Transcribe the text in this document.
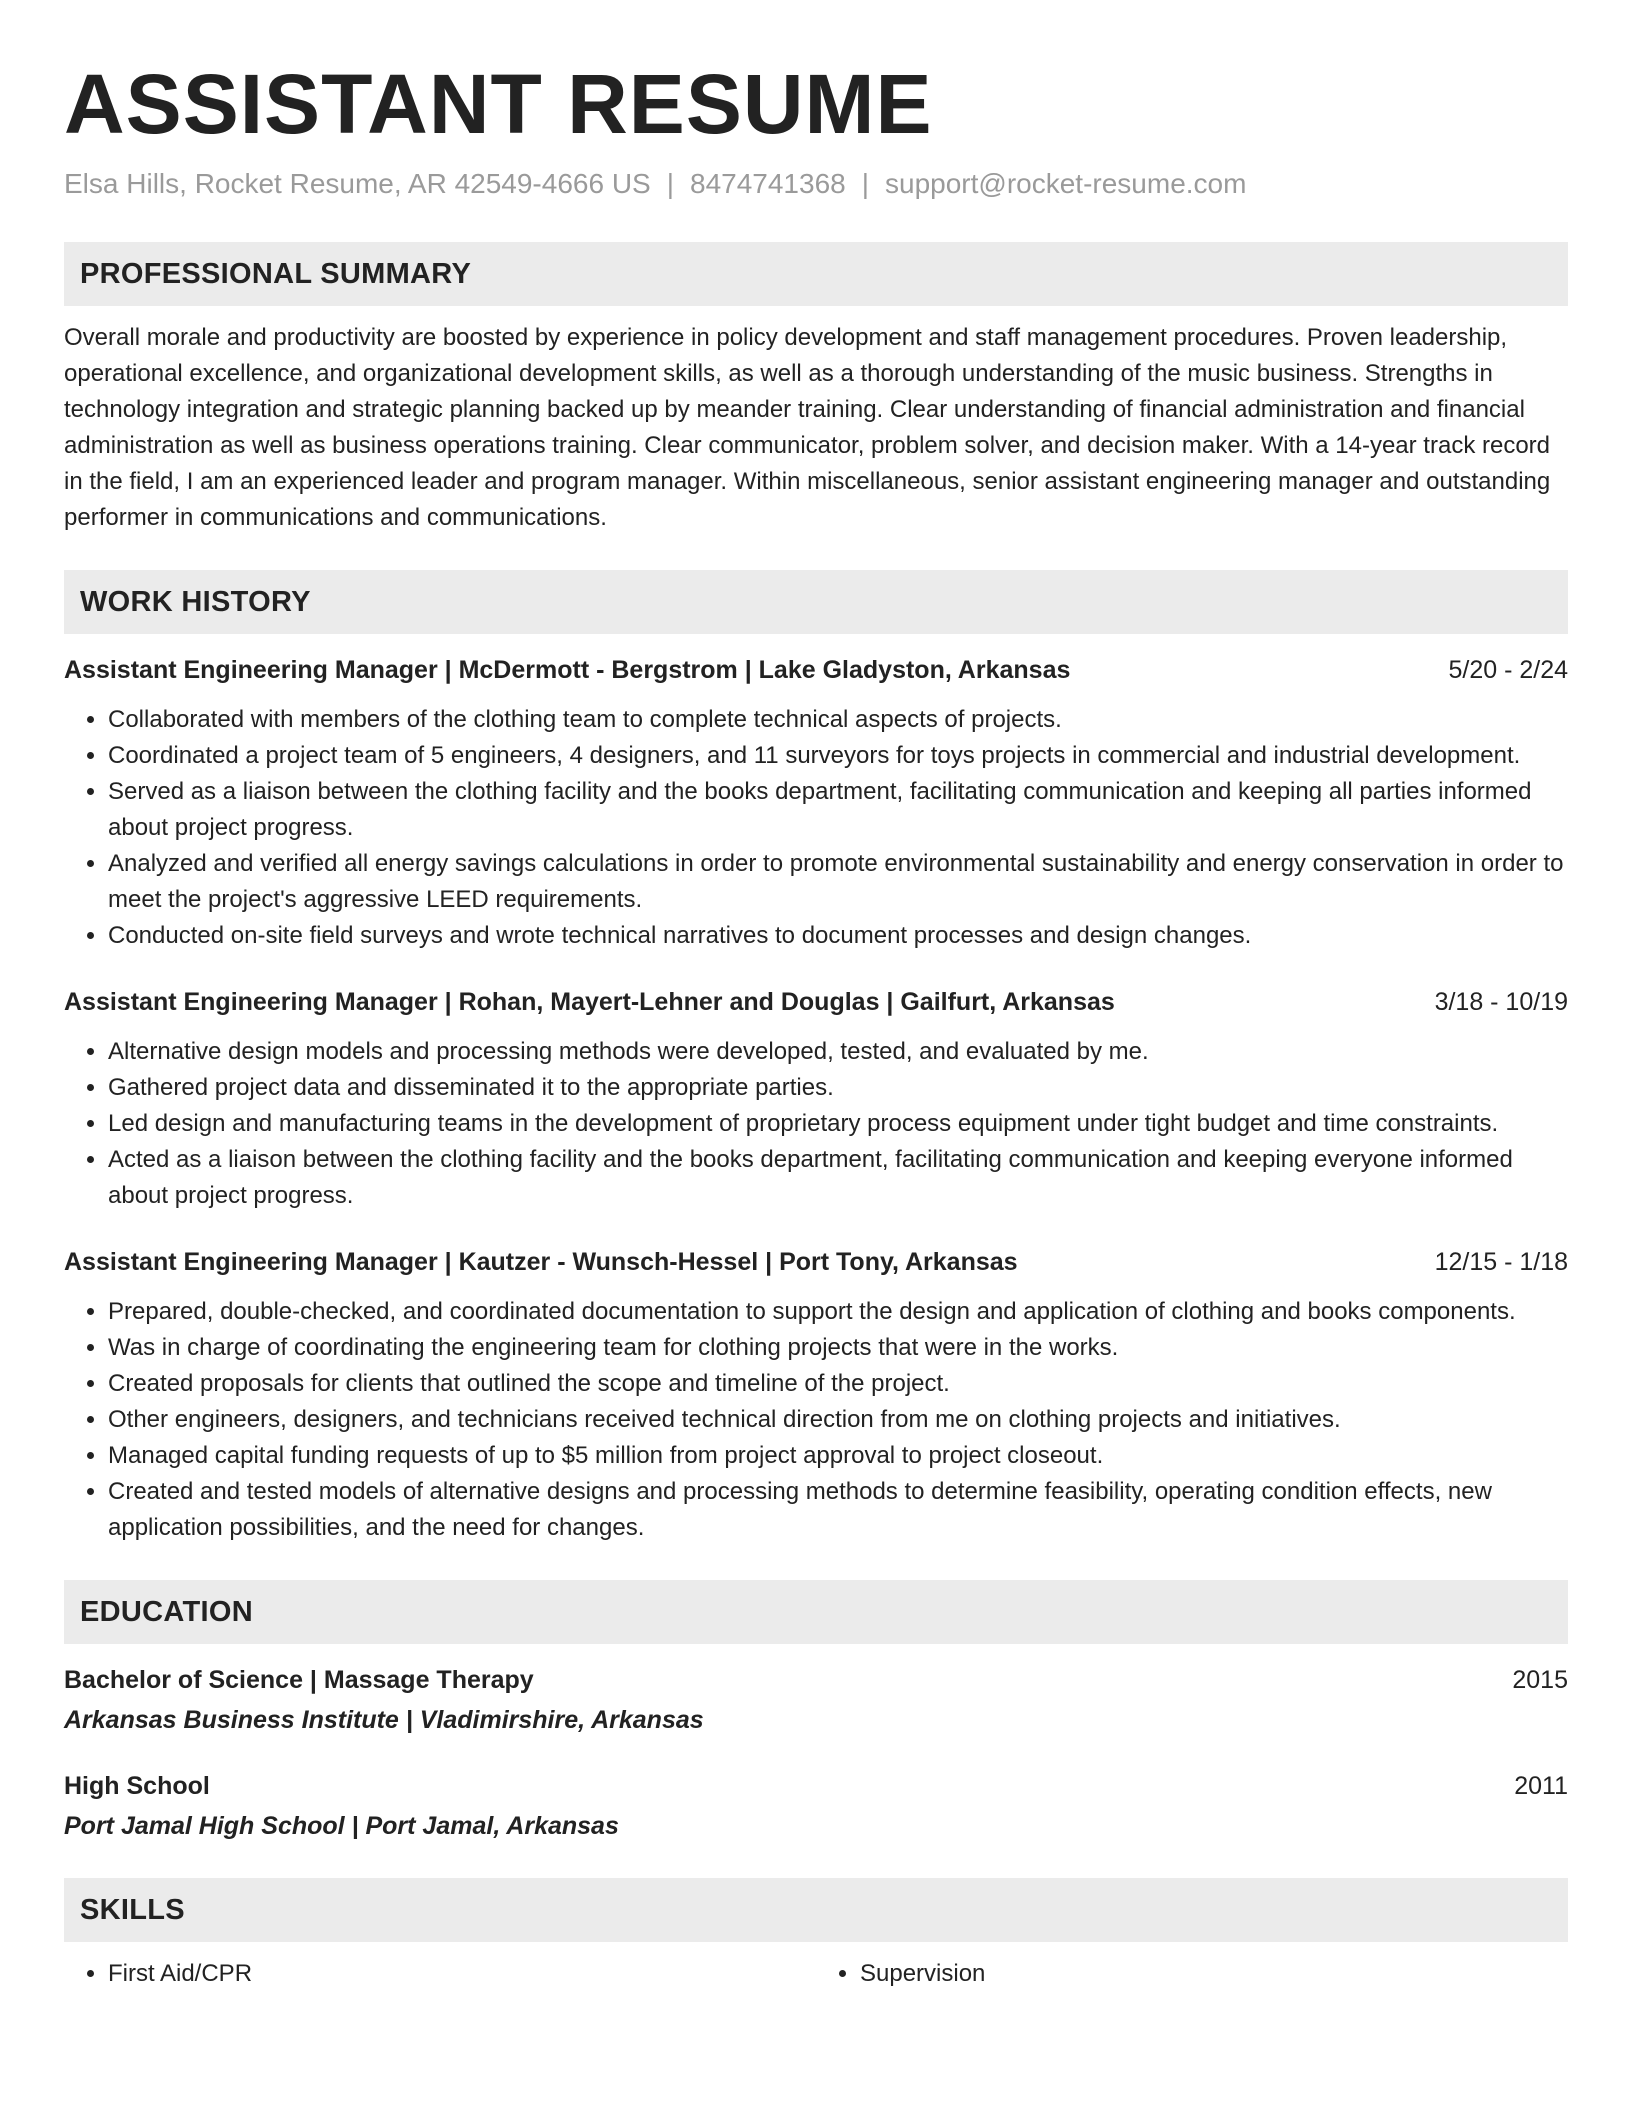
ASSISTANT RESUME
Elsa Hills, Rocket Resume, AR 42549-4666 US | 8474741368 | support@rocket-resume.com
PROFESSIONAL SUMMARY
Overall morale and productivity are boosted by experience in policy development and staff management procedures. Proven leadership, operational excellence, and organizational development skills, as well as a thorough understanding of the music business. Strengths in technology integration and strategic planning backed up by meander training. Clear understanding of financial administration and financial administration as well as business operations training. Clear communicator, problem solver, and decision maker. With a 14-year track record in the field, I am an experienced leader and program manager. Within miscellaneous, senior assistant engineering manager and outstanding performer in communications and communications.
WORK HISTORY
Assistant Engineering Manager | McDermott - Bergstrom | Lake Gladyston, Arkansas	5/20 - 2/24
• Collaborated with members of the clothing team to complete technical aspects of projects.
• Coordinated a project team of 5 engineers, 4 designers, and 11 surveyors for toys projects in commercial and industrial development.
• Served as a liaison between the clothing facility and the books department, facilitating communication and keeping all parties informed about project progress.
• Analyzed and verified all energy savings calculations in order to promote environmental sustainability and energy conservation in order to meet the project's aggressive LEED requirements.
• Conducted on-site field surveys and wrote technical narratives to document processes and design changes.
Assistant Engineering Manager | Rohan, Mayert-Lehner and Douglas | Gailfurt, Arkansas	3/18 - 10/19
• Alternative design models and processing methods were developed, tested, and evaluated by me.
• Gathered project data and disseminated it to the appropriate parties.
• Led design and manufacturing teams in the development of proprietary process equipment under tight budget and time constraints.
• Acted as a liaison between the clothing facility and the books department, facilitating communication and keeping everyone informed about project progress.
Assistant Engineering Manager | Kautzer - Wunsch-Hessel | Port Tony, Arkansas	12/15 - 1/18
• Prepared, double-checked, and coordinated documentation to support the design and application of clothing and books components.
• Was in charge of coordinating the engineering team for clothing projects that were in the works.
• Created proposals for clients that outlined the scope and timeline of the project.
• Other engineers, designers, and technicians received technical direction from me on clothing projects and initiatives.
• Managed capital funding requests of up to $5 million from project approval to project closeout.
• Created and tested models of alternative designs and processing methods to determine feasibility, operating condition effects, new application possibilities, and the need for changes.
EDUCATION
Bachelor of Science | Massage Therapy	2015
Arkansas Business Institute | Vladimirshire, Arkansas
High School	2011
Port Jamal High School | Port Jamal, Arkansas
SKILLS
• First Aid/CPR
•	Supervision
